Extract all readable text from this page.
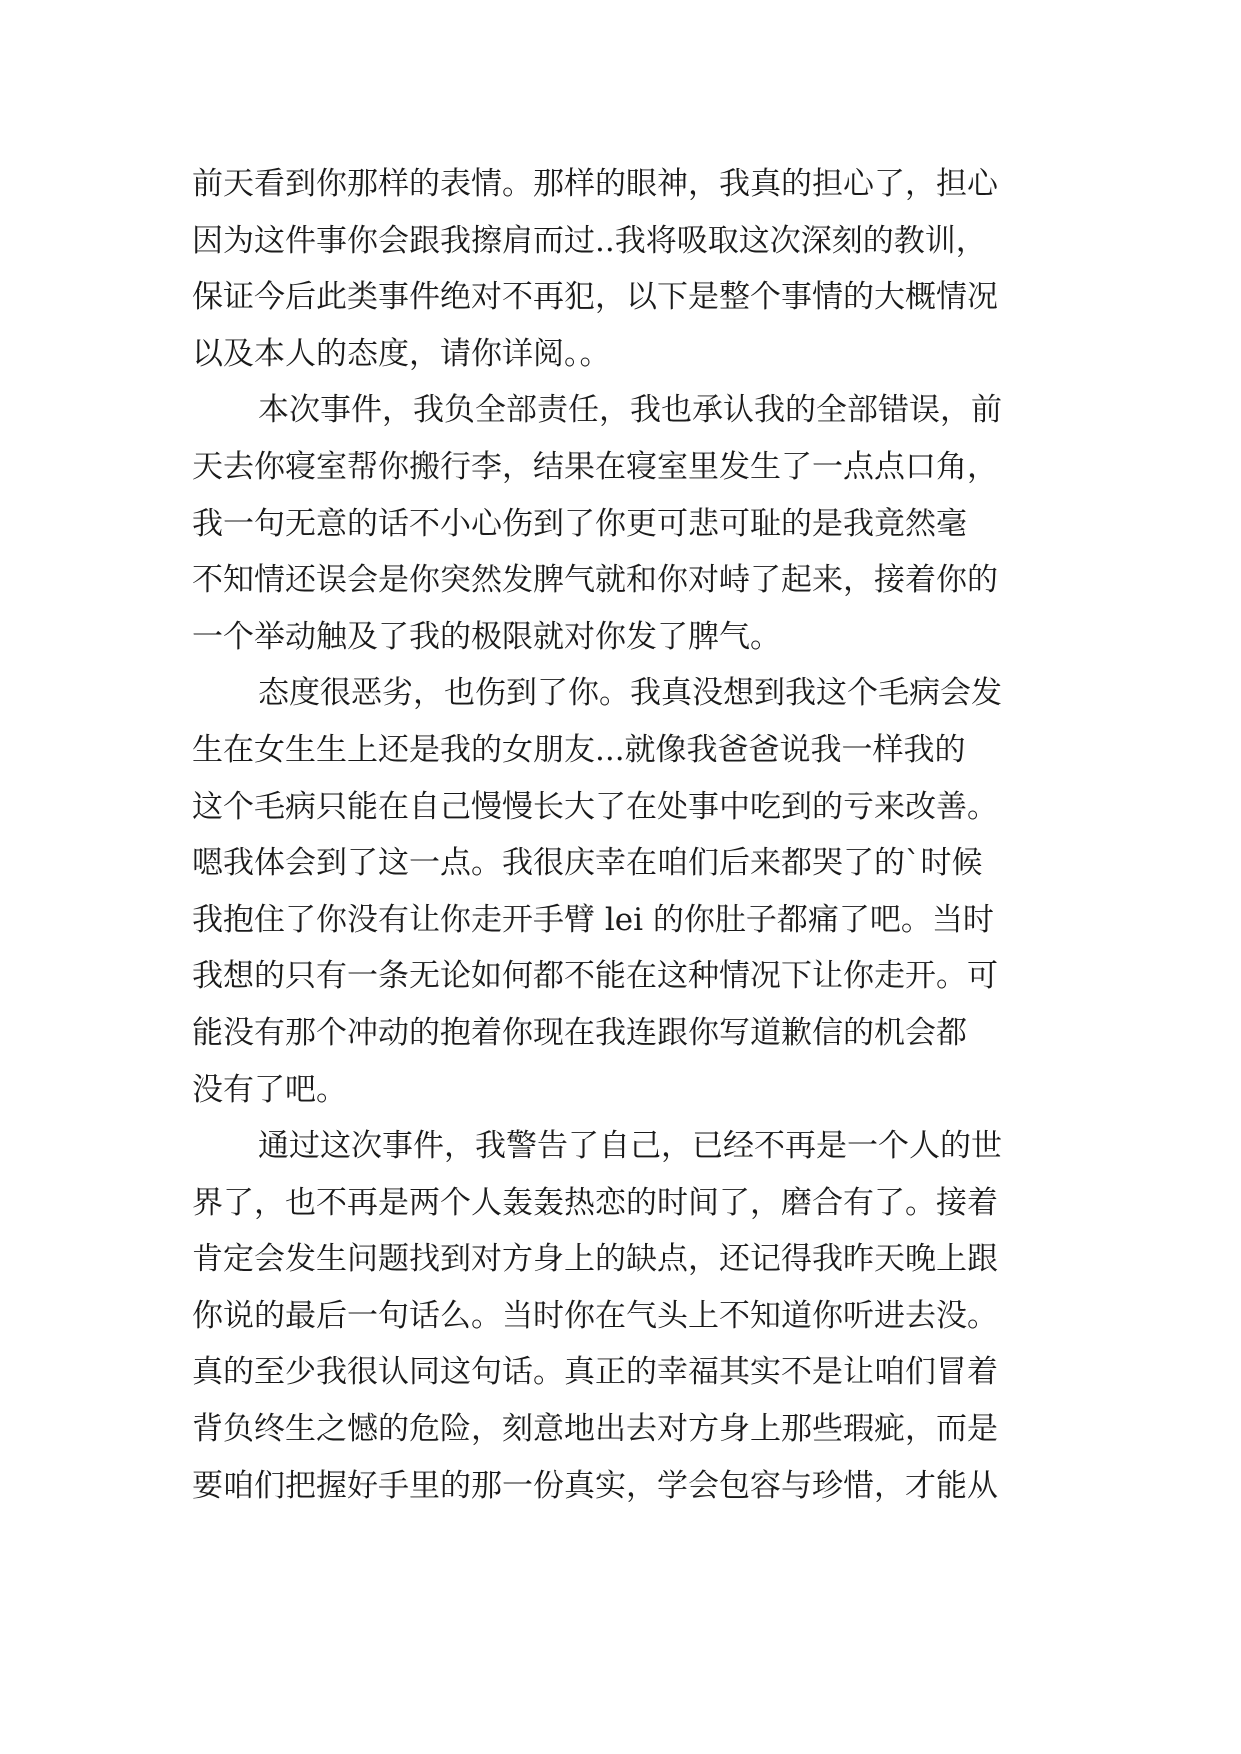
前天看到你那样的表情。那样的眼神，我真的担心了，担心
因为这件事你会跟我擦肩而过..我将吸取这次深刻的教训，
保证今后此类事件绝对不再犯，以下是整个事情的大概情况
以及本人的态度，请你详阅。。
本次事件，我负全部责任，我也承认我的全部错误，前
天去你寝室帮你搬行李，结果在寝室里发生了一点点口角，
我一句无意的话不小心伤到了你更可悲可耻的是我竟然毫
不知情还误会是你突然发脾气就和你对峙了起来，接着你的
一个举动触及了我的极限就对你发了脾气。
态度很恶劣，也伤到了你。我真没想到我这个毛病会发
生在女生生上还是我的女朋友...就像我爸爸说我一样我的
这个毛病只能在自己慢慢长大了在处事中吃到的亏来改善。
嗯我体会到了这一点。我很庆幸在咱们后来都哭了的`时候
我抱住了你没有让你走开手臂 lei 的你肚子都痛了吧。当时
我想的只有一条无论如何都不能在这种情况下让你走开。可
能没有那个冲动的抱着你现在我连跟你写道歉信的机会都
没有了吧。
通过这次事件，我警告了自己，已经不再是一个人的世
界了，也不再是两个人轰轰热恋的时间了，磨合有了。接着
肯定会发生问题找到对方身上的缺点，还记得我昨天晚上跟
你说的最后一句话么。当时你在气头上不知道你听进去没。
真的至少我很认同这句话。真正的幸福其实不是让咱们冒着
背负终生之憾的危险，刻意地出去对方身上那些瑕疵，而是
要咱们把握好手里的那一份真实，学会包容与珍惜，才能从
